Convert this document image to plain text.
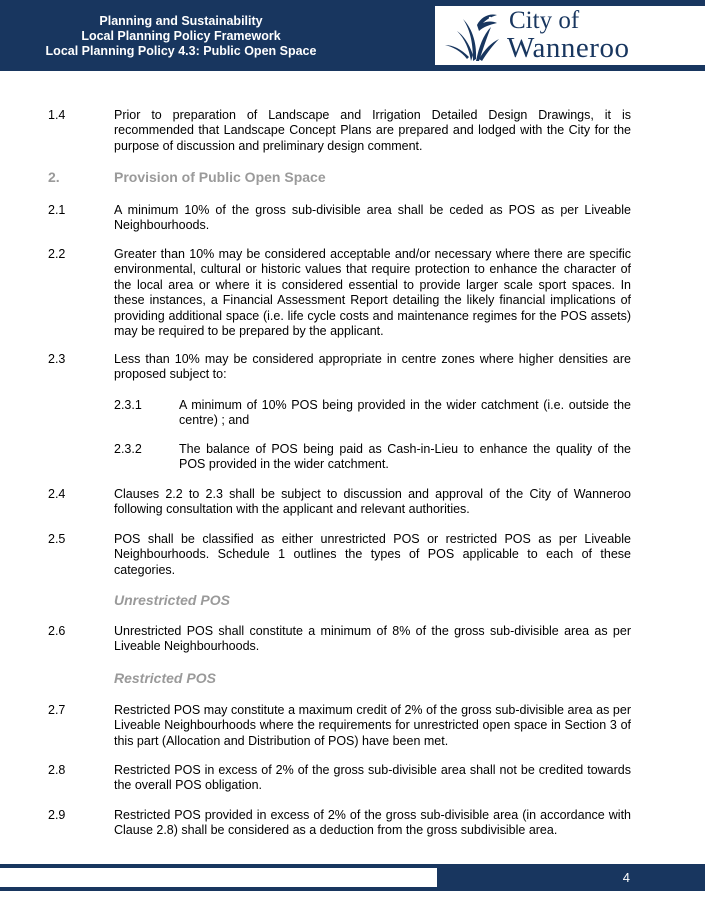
Planning and Sustainability
Local Planning Policy Framework
Local Planning Policy 4.3: Public Open Space
City of
Wanneroo
1.4	Prior to preparation of Landscape and Irrigation Detailed Design Drawings, it is recommended that Landscape Concept Plans are prepared and lodged with the City for the purpose of discussion and preliminary design comment.
2.	Provision of Public Open Space
2.1	A minimum 10% of the gross sub-divisible area shall be ceded as POS as per Liveable Neighbourhoods.
2.2	Greater than 10% may be considered acceptable and/or necessary where there are specific environmental, cultural or historic values that require protection to enhance the character of the local area or where it is considered essential to provide larger scale sport spaces. In these instances, a Financial Assessment Report detailing the likely financial implications of providing additional space (i.e. life cycle costs and maintenance regimes for the POS assets) may be required to be prepared by the applicant.
2.3	Less than 10% may be considered appropriate in centre zones where higher densities are proposed subject to:
2.3.1	A minimum of 10% POS being provided in the wider catchment (i.e. outside the centre) ; and
2.3.2	The balance of POS being paid as Cash-in-Lieu to enhance the quality of the POS provided in the wider catchment.
2.4	Clauses 2.2 to 2.3 shall be subject to discussion and approval of the City of Wanneroo following consultation with the applicant and relevant authorities.
2.5	POS shall be classified as either unrestricted POS or restricted POS as per Liveable Neighbourhoods. Schedule 1 outlines the types of POS applicable to each of these categories.
Unrestricted POS
2.6	Unrestricted POS shall constitute a minimum of 8% of the gross sub-divisible area as per Liveable Neighbourhoods.
Restricted POS
2.7	Restricted POS may constitute a maximum credit of 2% of the gross sub-divisible area as per Liveable Neighbourhoods where the requirements for unrestricted open space in Section 3 of this part (Allocation and Distribution of POS) have been met.
2.8	Restricted POS in excess of 2% of the gross sub-divisible area shall not be credited towards the overall POS obligation.
2.9	Restricted POS provided in excess of 2% of the gross sub-divisible area (in accordance with Clause 2.8) shall be considered as a deduction from the gross subdivisible area.
4
